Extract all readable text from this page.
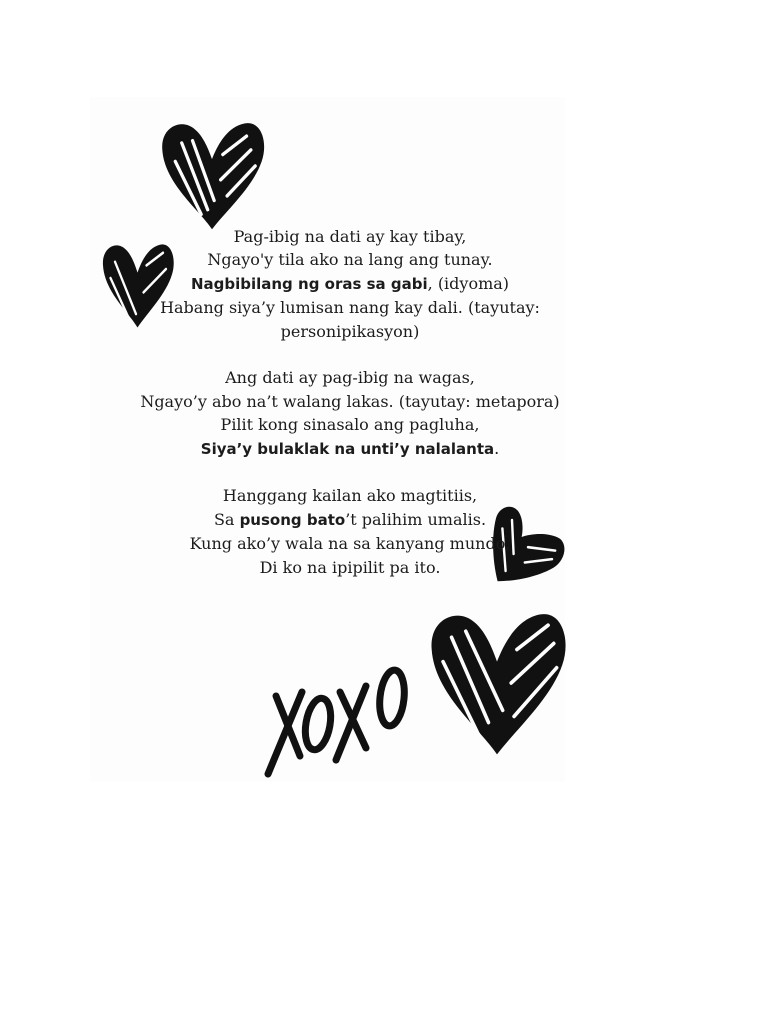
Pag-ibig na dati ay kay tibay,
Ngayo'y tila ako na lang ang tunay.
Nagbibilang ng oras sa gabi, (idyoma)
Habang siya’y lumisan nang kay dali. (tayutay: personipikasyon)
Ang dati ay pag-ibig na wagas,
Ngayo’y abo na’t walang lakas. (tayutay: metapora)
Pilit kong sinasalo ang pagluha,
Siya’y bulaklak na unti’y nalalanta.
Hanggang kailan ako magtitiis,
Sa pusong bato’t palihim umalis.
Kung ako’y wala na sa kanyang mundo,
Di ko na ipipilit pa ito.
